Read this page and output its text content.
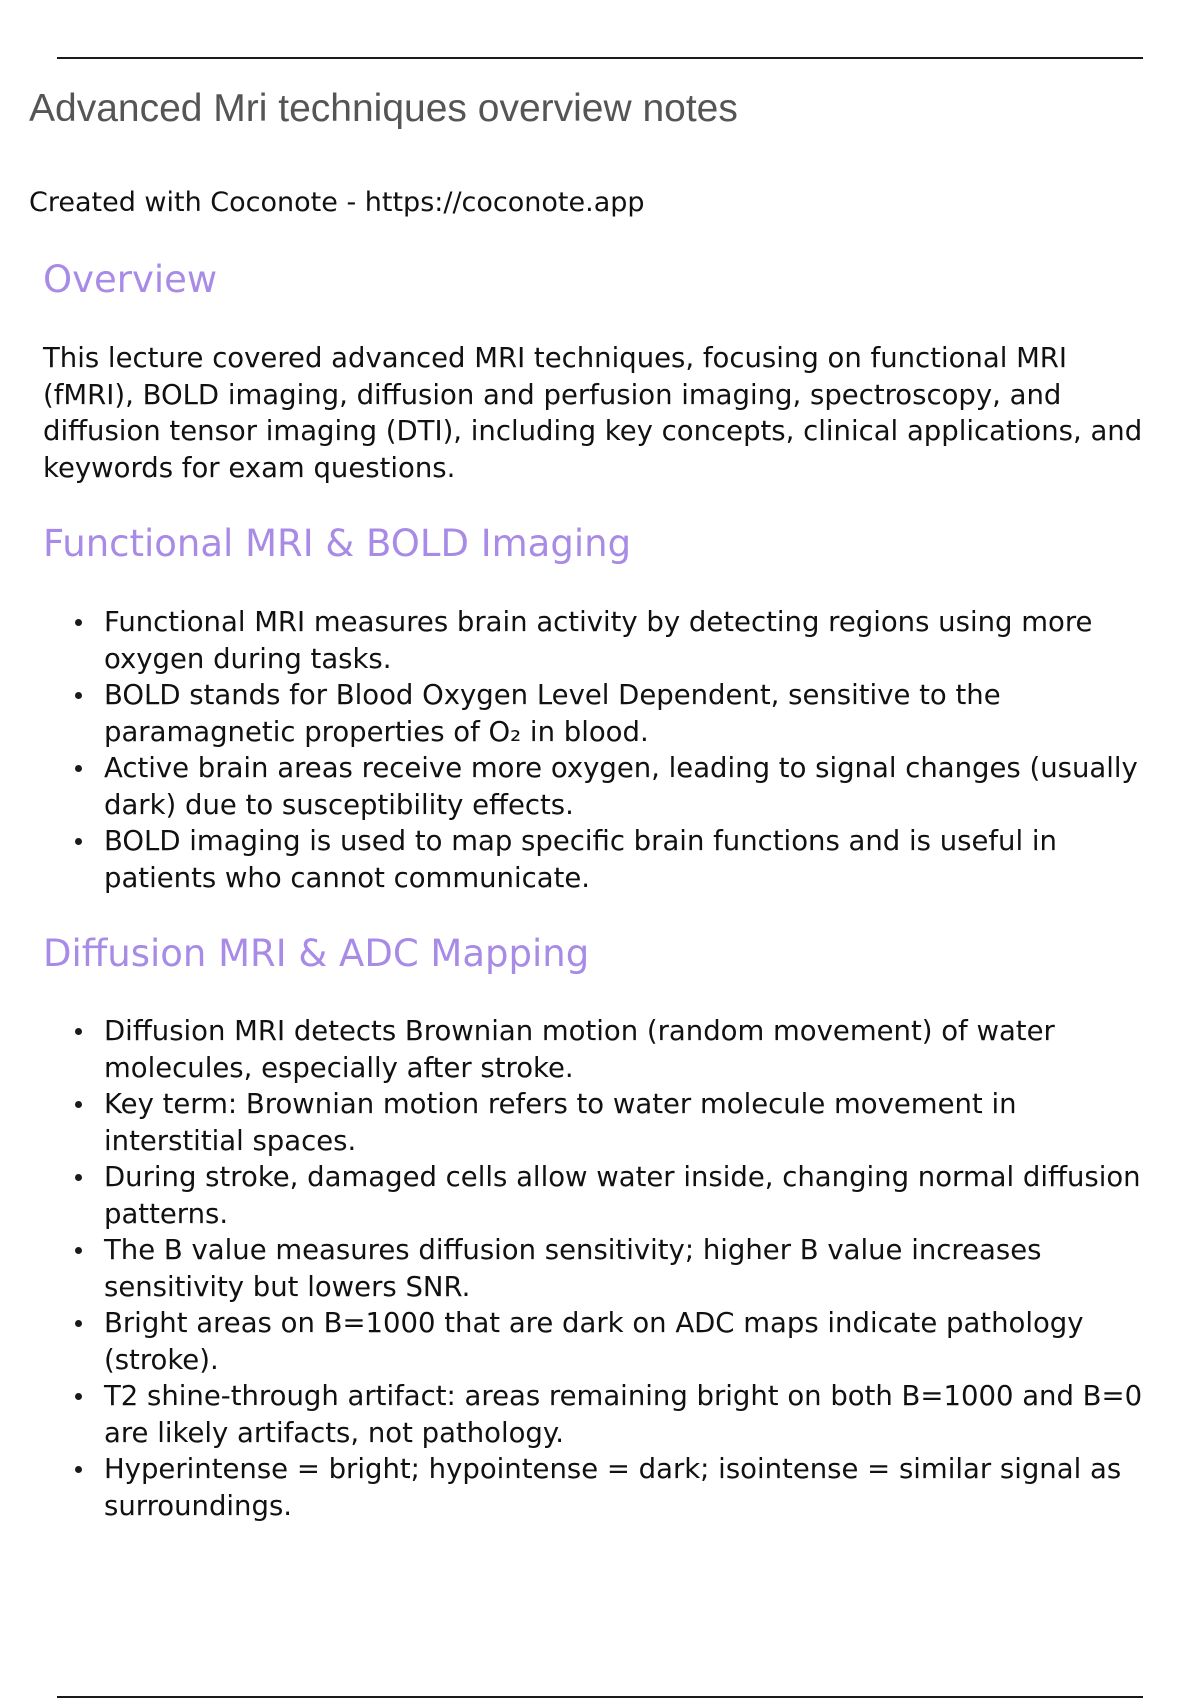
Advanced Mri techniques overview notes

Created with Coconote - https://coconote.app

Overview

This lecture covered advanced MRI techniques, focusing on functional MRI (fMRI), BOLD imaging, diffusion and perfusion imaging, spectroscopy, and diffusion tensor imaging (DTI), including key concepts, clinical applications, and keywords for exam questions.

Functional MRI & BOLD Imaging
Functional MRI measures brain activity by detecting regions using more oxygen during tasks.
BOLD stands for Blood Oxygen Level Dependent, sensitive to the paramagnetic properties of O₂ in blood.
Active brain areas receive more oxygen, leading to signal changes (usually dark) due to susceptibility effects.
BOLD imaging is used to map specific brain functions and is useful in patients who cannot communicate.
Diffusion MRI & ADC Mapping
Diffusion MRI detects Brownian motion (random movement) of water molecules, especially after stroke.
Key term: Brownian motion refers to water molecule movement in interstitial spaces.
During stroke, damaged cells allow water inside, changing normal diffusion patterns.
The B value measures diffusion sensitivity; higher B value increases sensitivity but lowers SNR.
Bright areas on B=1000 that are dark on ADC maps indicate pathology (stroke).
T2 shine-through artifact: areas remaining bright on both B=1000 and B=0 are likely artifacts, not pathology.
Hyperintense = bright; hypointense = dark; isointense = similar signal as surroundings.
